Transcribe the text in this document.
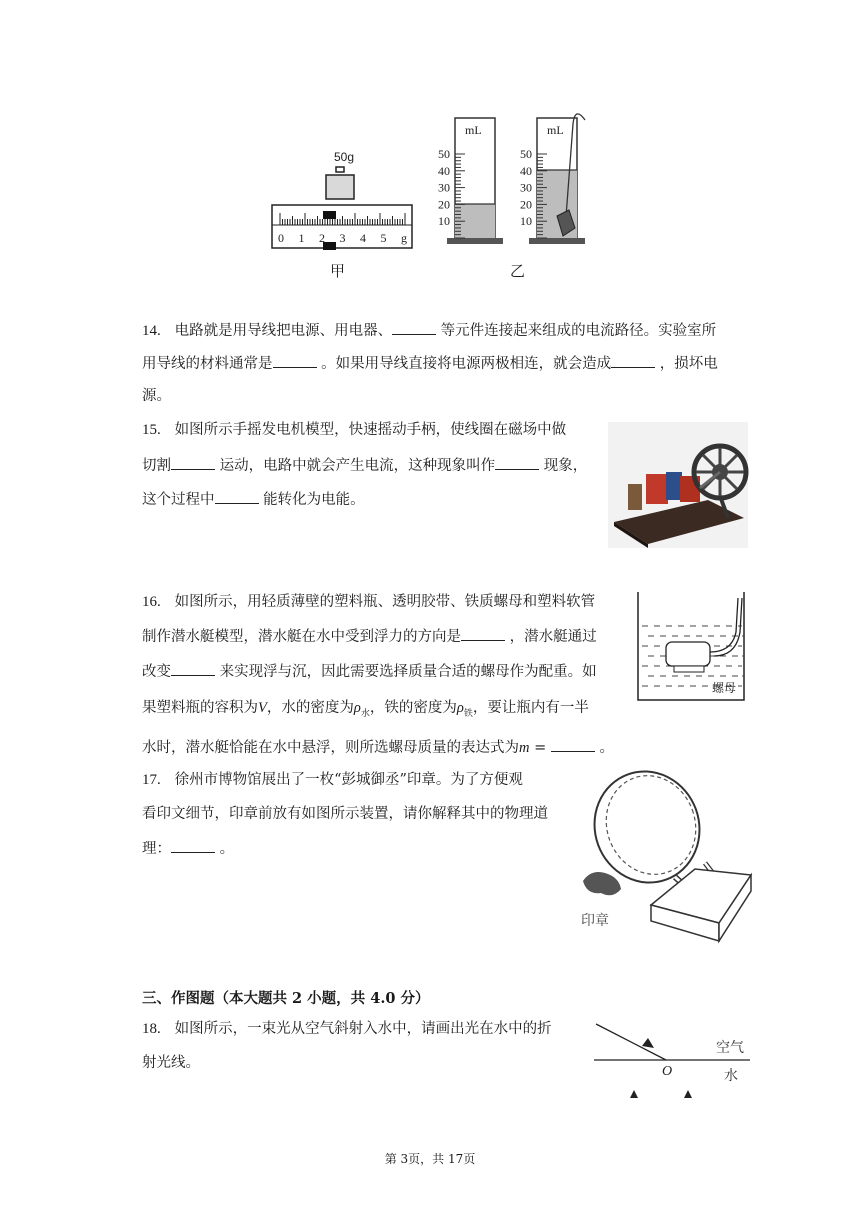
50g
0 1 2 3 4 5 g
甲
mL
50
40
30
20
10
mL
50
40
30
20
10
乙
14. 电路就是用导线把电源、用电器、	等元件连接起来组成的电流路径。实验室所
用导线的材料通常是	。如果用导线直接将电源两极相连，就会造成	，损坏电
源。
15. 如图所示手摇发电机模型，快速摇动手柄，使线圈在磁场中做
切割	运动，电路中就会产生电流，这种现象叫作	现象，
这个过程中	能转化为电能。
16. 如图所示，用轻质薄壁的塑料瓶、透明胶带、铁质螺母和塑料软管
制作潜水艇模型，潜水艇在水中受到浮力的方向是	，潜水艇通过
改变	来实现浮与沉，因此需要选择质量合适的螺母作为配重。如
果塑料瓶的容积为V，水的密度为$\rho_水$，铁的密度为$\rho_铁$，要让瓶内有一半
水时，潜水艇恰能在水中悬浮，则所选螺母质量的表达式为m =	。
螺母
17. 徐州市博物馆展出了一枚“彭城御丞”印章。为了方便观
看印文细节，印章前放有如图所示装置，请你解释其中的物理道
理：	。
印章
三、作图题（本大题共 2 小题，共 4.0 分）
18. 如图所示，一束光从空气斜射入水中，请画出光在水中的折
射光线。
空气
水
O
第 3页，共 17页
